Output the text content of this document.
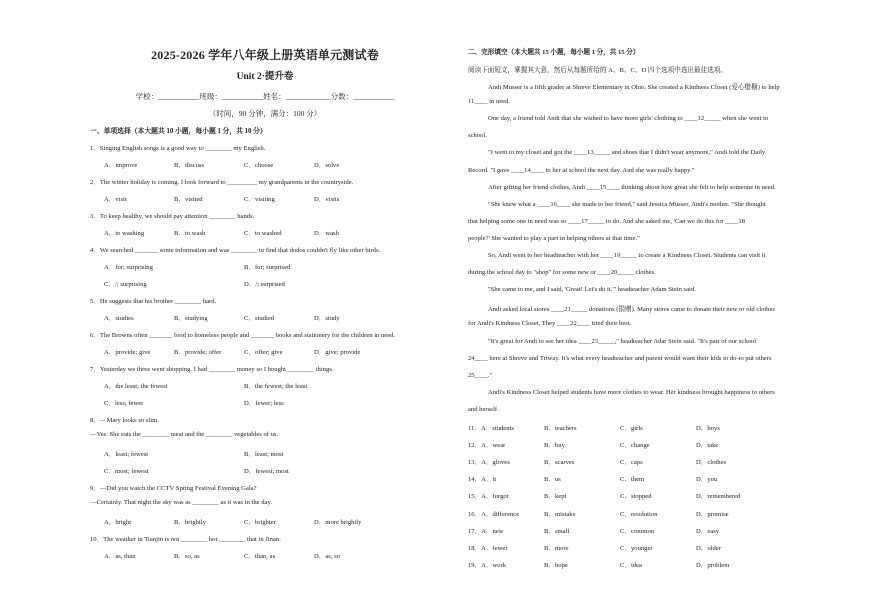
2025-2026 学年八年级上册英语单元测试卷
Unit 2·提升卷
学校：___________班级：___________姓名：____________分数：___________
（时间，90 分钟，满分：100 分）
一、单项选择（本大题共 10 小题，每小题 1 分，共 10 分）
1．Singing English songs is a good way to ________ my English.
A．improve	B．discuss	C．choose	D．solve
2．The winter holiday is coming. I look forward to _________ my grandparents in the countryside.
A．visit	B．visited	C．visiting	D．visits
3．To keep healthy, we should pay attention ________ hands.
A．to washing	B．to wash	C．to washed	D．wash
4．We searched _______ some information and was ________ to find that dodos couldn't fly like other birds.
A．for; surprising	B．for; surprised
C．/; surprising	D．/; surprised
5．He suggests that his brother ________ hard.
A．studies	B．studying	C．studied	D．study
6．The Browns often _______ food to homeless people and _______ books and stationery for the children in need.
A．provide; give	B．provide; offer	C．offer; give	D．give; provide
7．Yesterday we three went shopping. I had ________ money so I bought ________ things.
A．the least; the fewest	B．the fewest; the least
C．less; fewer	D．fewer; less
8．—Mary looks so slim.
—Yes. She eats the ________ meat and the ________ vegetables of us.
A．least; fewest	B．least; most
C．most; fewest	D．fewest; most
9．—Did you watch the CCTV Spring Festival Evening Gala?
—Certainly. That night the sky was as ________ as it was in the day.
A．bright	B．brightly	C．brighter	D．more brightly
10．The weather in Tianjin is not ________ hot ________ that in Jinan.
A．as, than	B．so, as	C．than, as	D．as, so
二、完形填空（本大题共 15 小题，每小题 1 分，共 15 分）
阅读下面短文，掌握其大意，然后从每题所给的 A、B、C、D 四个选项中选出最佳选项。
Andi Musser is a fifth grader at Shreve Elementary in Ohio. She created a Kindness Closet (爱心壁橱) to help
11____ in need.
One day, a friend told Andi that she wished to have more girls' clothing to ____12_____ when she went to
school.
"I went to my closet and got the ____13_____ and shoes that I didn't wear anymore," Andi told the Daily
Record. "I gave ____14____ to her at school the next day. And she was really happy."
After gifting her friend clothes, Andi ____15____ thinking about how great she felt to help someone in need.
"She knew what a ____16____ she made to her friend," said Jessica Musser, Andi's mother. "She thought
that helping some one in need was so ____17_____ to do. And she asked me, 'Can we do this for ____18
people?' She wanted to play a part in helping others at that time."
So, Andi went to her headteacher with her ____19_____ to create a Kindness Closet. Students can visit it
during the school day to "shop" for some new or ____20_____ clothes.
"She came to me, and I said, 'Great! Let's do it.'" headteacher Adam Stein said.
Andi asked local stores ____21_____ donations (捐赠). Many stores came to donate their new or old clothes
for Andi's Kindness Closet. They ____22____ tried their best.
"It's great for Andi to see her idea ____23_____," headteacher Adar Stein said. "It's part of our school
24____ here at Shreve and Triway. It's what every headteacher and parent would want their kids to do-to put others
25____."
Andi's Kindness Closet helped students have more clothes to wear. Her kindness brought happiness to others
and herself.
11．A．students	B．teachers	C．girls	D．boys
12．A．wear	B．buy	C．change	D．take
13．A．gloves	B．scarves	C．caps	D．clothes
14．A．it	B．us	C．them	D．you
15．A．forgot	B．kept	C．stopped	D．remembered
16．A．difference	B．mistake	C．resolution	D．promise
17．A．new	B．small	C．common	D．easy
18．A．fewer	B．more	C．younger	D．older
19．A．work	B．hope	C．idea	D．problem
